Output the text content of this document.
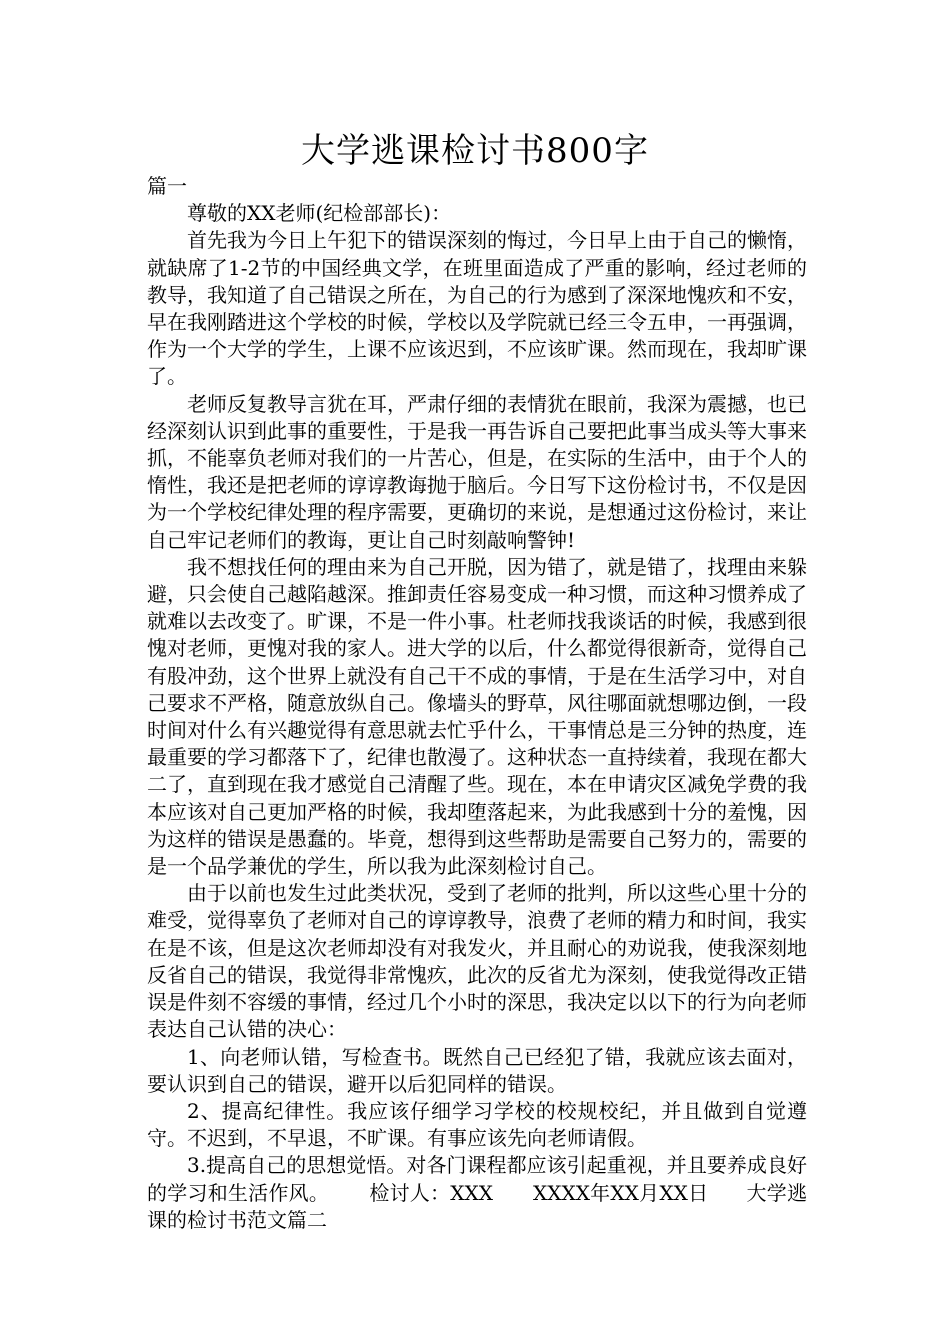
大学逃课检讨书800字

篇一

尊敬的XX老师(纪检部部长)：

首先我为今日上午犯下的错误深刻的悔过，今日早上由于自己的懒惰，就缺席了1-2节的中国经典文学，在班里面造成了严重的影响，经过老师的教导，我知道了自己错误之所在，为自己的行为感到了深深地愧疚和不安，早在我刚踏进这个学校的时候，学校以及学院就已经三令五申，一再强调，作为一个大学的学生，上课不应该迟到，不应该旷课。然而现在，我却旷课了。

老师反复教导言犹在耳，严肃仔细的表情犹在眼前，我深为震撼，也已经深刻认识到此事的重要性，于是我一再告诉自己要把此事当成头等大事来抓，不能辜负老师对我们的一片苦心，但是，在实际的生活中，由于个人的惰性，我还是把老师的谆谆教诲抛于脑后。今日写下这份检讨书，不仅是因为一个学校纪律处理的程序需要，更确切的来说，是想通过这份检讨，来让自己牢记老师们的教诲，更让自己时刻敲响警钟!

我不想找任何的理由来为自己开脱，因为错了，就是错了，找理由来躲避，只会使自己越陷越深。推卸责任容易变成一种习惯，而这种习惯养成了就难以去改变了。旷课，不是一件小事。杜老师找我谈话的时候，我感到很愧对老师，更愧对我的家人。进大学的以后，什么都觉得很新奇，觉得自己有股冲劲，这个世界上就没有自己干不成的事情，于是在生活学习中，对自己要求不严格，随意放纵自己。像墙头的野草，风往哪面就想哪边倒，一段时间对什么有兴趣觉得有意思就去忙乎什么，干事情总是三分钟的热度，连最重要的学习都落下了，纪律也散漫了。这种状态一直持续着，我现在都大二了，直到现在我才感觉自己清醒了些。现在，本在申请灾区减免学费的我本应该对自己更加严格的时候，我却堕落起来，为此我感到十分的羞愧，因为这样的错误是愚蠢的。毕竟，想得到这些帮助是需要自己努力的，需要的是一个品学兼优的学生，所以我为此深刻检讨自己。

由于以前也发生过此类状况，受到了老师的批判，所以这些心里十分的难受，觉得辜负了老师对自己的谆谆教导，浪费了老师的精力和时间，我实在是不该，但是这次老师却没有对我发火，并且耐心的劝说我，使我深刻地反省自己的错误，我觉得非常愧疚，此次的反省尤为深刻，使我觉得改正错误是件刻不容缓的事情，经过几个小时的深思，我决定以以下的行为向老师表达自己认错的决心：

1、向老师认错，写检查书。既然自己已经犯了错，我就应该去面对，要认识到自己的错误，避开以后犯同样的错误。

2、提高纪律性。我应该仔细学习学校的校规校纪，并且做到自觉遵守。不迟到，不早退，不旷课。有事应该先向老师请假。

3.提高自己的思想觉悟。对各门课程都应该引起重视，并且要养成良好的学习和生活作风。 检讨人：XXX XXXX年XX月XX日 大学逃课的检讨书范文篇二
